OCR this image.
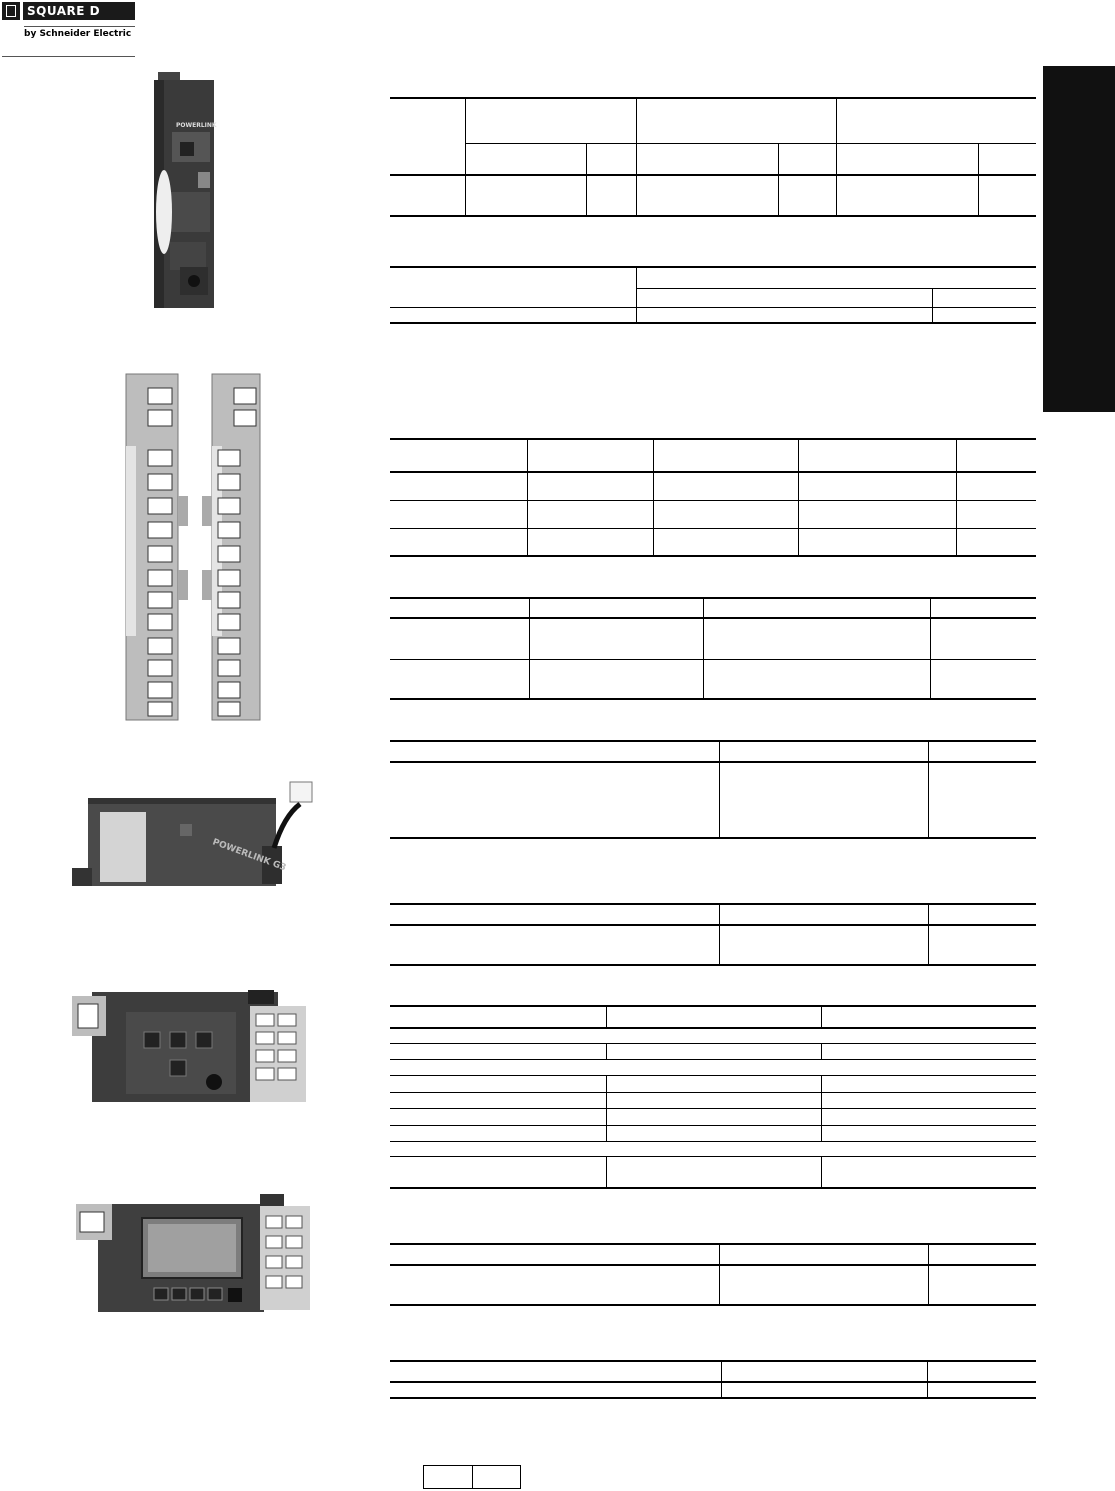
SQUARE D
by Schneider Electric
POWERLINK
POWERLINK G3
